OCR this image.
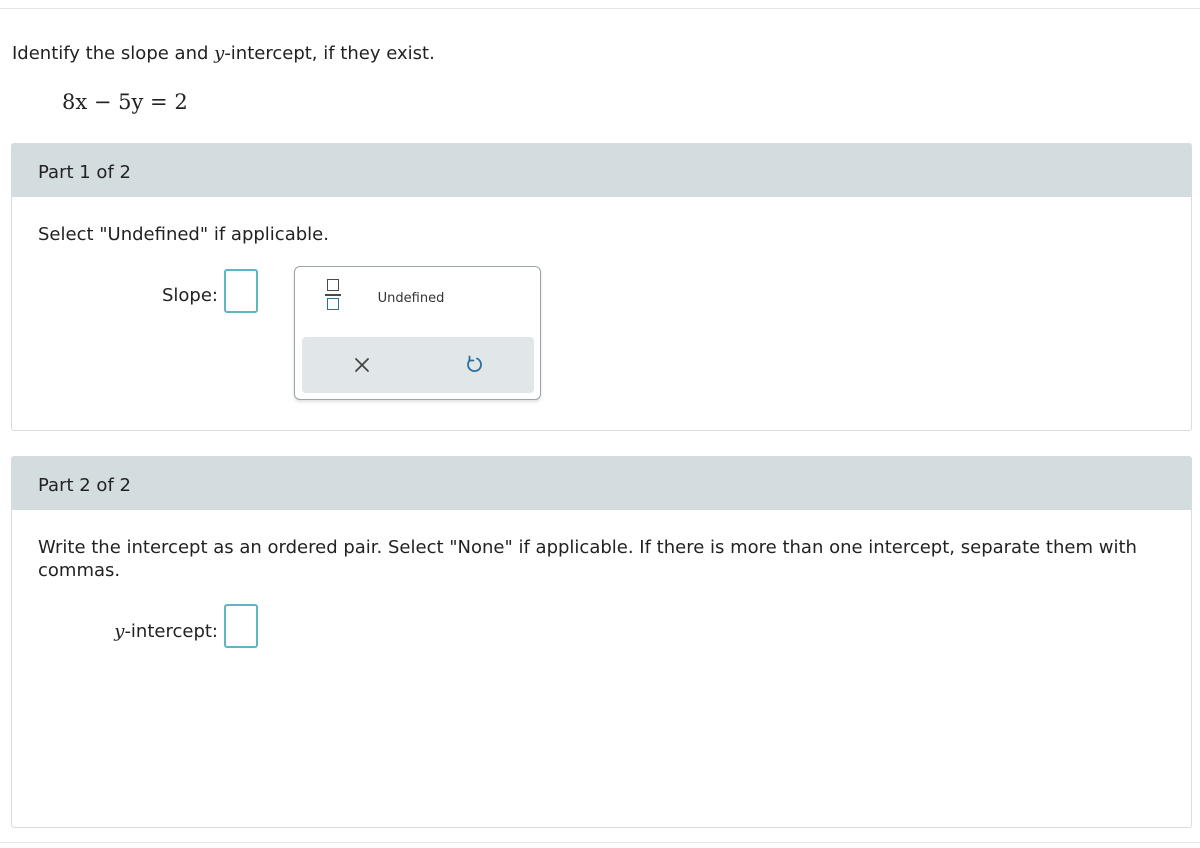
Identify the slope and y-intercept, if they exist.
8x − 5y = 2
Part 1 of 2
Select "Undefined" if applicable.
Slope:	Undefined
Part 2 of 2
Write the intercept as an ordered pair. Select "None" if applicable. If there is more than one intercept, separate them with commas.
y-intercept:
